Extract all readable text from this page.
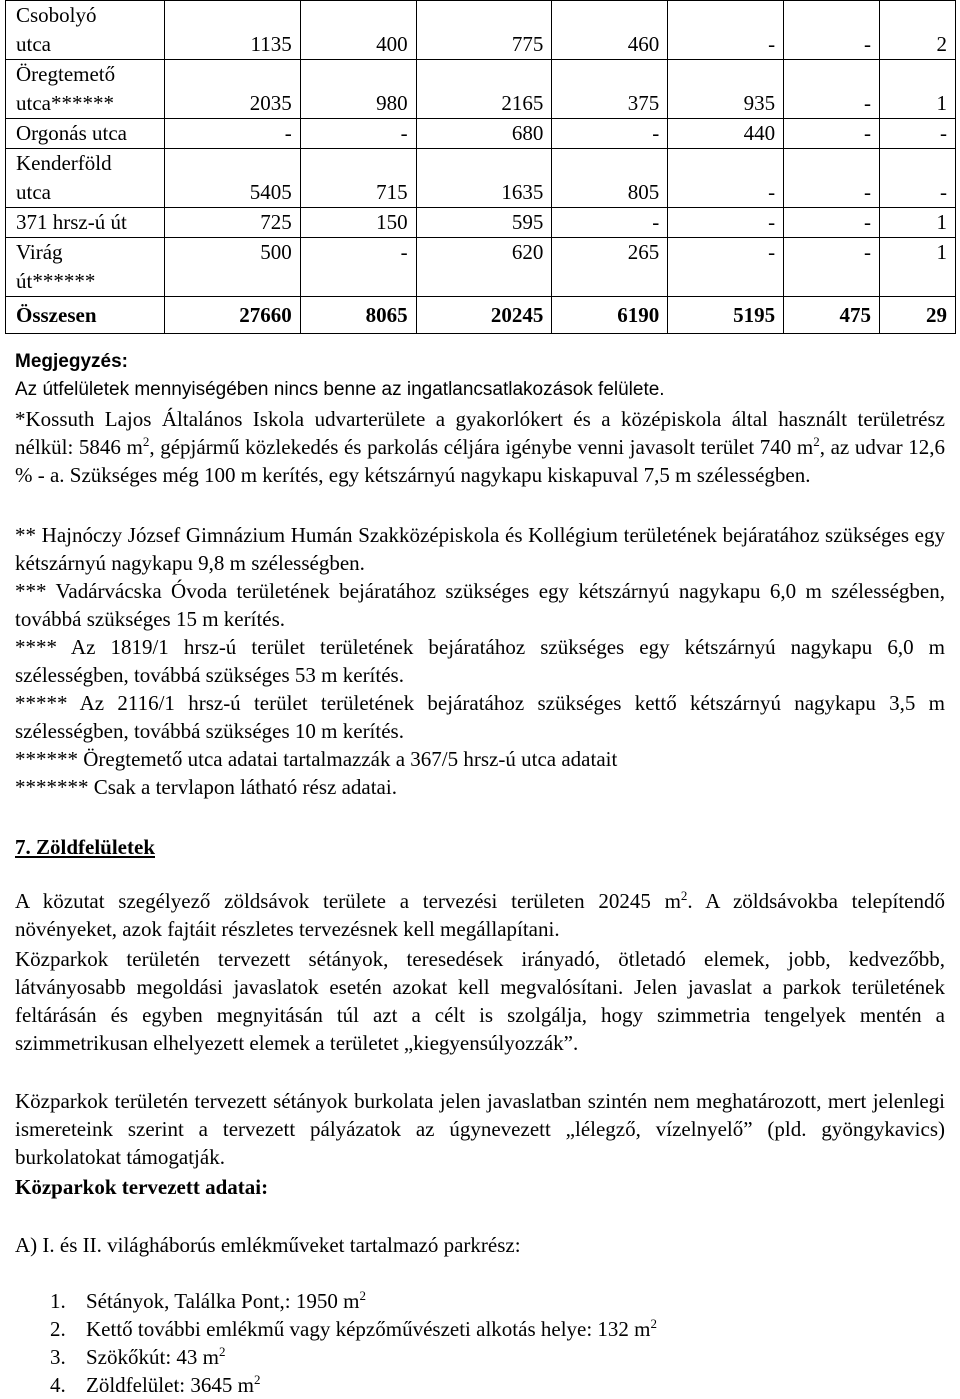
Csobolyó
utca	1135	400	775	460	-	-	2

Öregtemető
utca******	2035	980	2165	375	935	-	1

Orgonás utca	-	-	680	-	440	-	-

Kenderföld
utca	5405	715	1635	805	-	-	-

371 hrsz-ú út	725	150	595	-	-	-	1

Virág
út******	500	-	620	265	-	-	1
Összesen	27660	8065	20245	6190	5195	475	29
Megjegyzés:
Az útfelületek mennyiségében nincs benne az ingatlancsatlakozások felülete.
*Kossuth Lajos Általános Iskola udvarterülete a gyakorlókert és a középiskola által használt területrész nélkül: 5846 $m^2$, gépjármű közlekedés és parkolás céljára igénybe venni javasolt terület 740 $m^2$, az udvar 12,6 % - a. Szükséges még 100 m kerítés, egy kétszárnyú nagykapu kiskapuval 7,5 m szélességben.
** Hajnóczy József Gimnázium Humán Szakközépiskola és Kollégium területének bejáratához szükséges egy kétszárnyú nagykapu 9,8 m szélességben.
*** Vadárvácska Óvoda területének bejáratához szükséges egy kétszárnyú nagykapu 6,0 m szélességben, továbbá szükséges 15 m kerítés.
**** Az 1819/1 hrsz-ú terület területének bejáratához szükséges egy kétszárnyú nagykapu 6,0 m szélességben, továbbá szükséges 53 m kerítés.
***** Az 2116/1 hrsz-ú terület területének bejáratához szükséges kettő kétszárnyú nagykapu 3,5 m szélességben, továbbá szükséges 10 m kerítés.
****** Öregtemető utca adatai tartalmazzák a 367/5 hrsz-ú utca adatait
******* Csak a tervlapon látható rész adatai.
7. Zöldfelületek
A közutat szegélyező zöldsávok területe a tervezési területen 20245 $m^2$. A zöldsávokba telepítendő növényeket, azok fajtáit részletes tervezésnek kell megállapítani.
Közparkok területén tervezett sétányok, teresedések irányadó, ötletadó elemek, jobb, kedvezőbb, látványosabb megoldási javaslatok esetén azokat kell megvalósítani. Jelen javaslat a parkok területének feltárásán és egyben megnyitásán túl azt a célt is szolgálja, hogy szimmetria tengelyek mentén a szimmetrikusan elhelyezett elemek a területet „kiegyensúlyozzák”.
Közparkok területén tervezett sétányok burkolata jelen javaslatban szintén nem meghatározott, mert jelenlegi ismereteink szerint a tervezett pályázatok az úgynevezett „lélegző, vízelnyelő” (pld. gyöngykavics) burkolatokat támogatják.
Közparkok tervezett adatai:
A) I. és II. világháborús emlékműveket tartalmazó parkrész:
1. Sétányok, Találka Pont,: 1950 $m^2$
2. Kettő további emlékmű vagy képzőművészeti alkotás helye: 132 $m^2$
3. Szökőkút: 43 $m^2$
4. Zöldfelület: 3645 $m^2$
